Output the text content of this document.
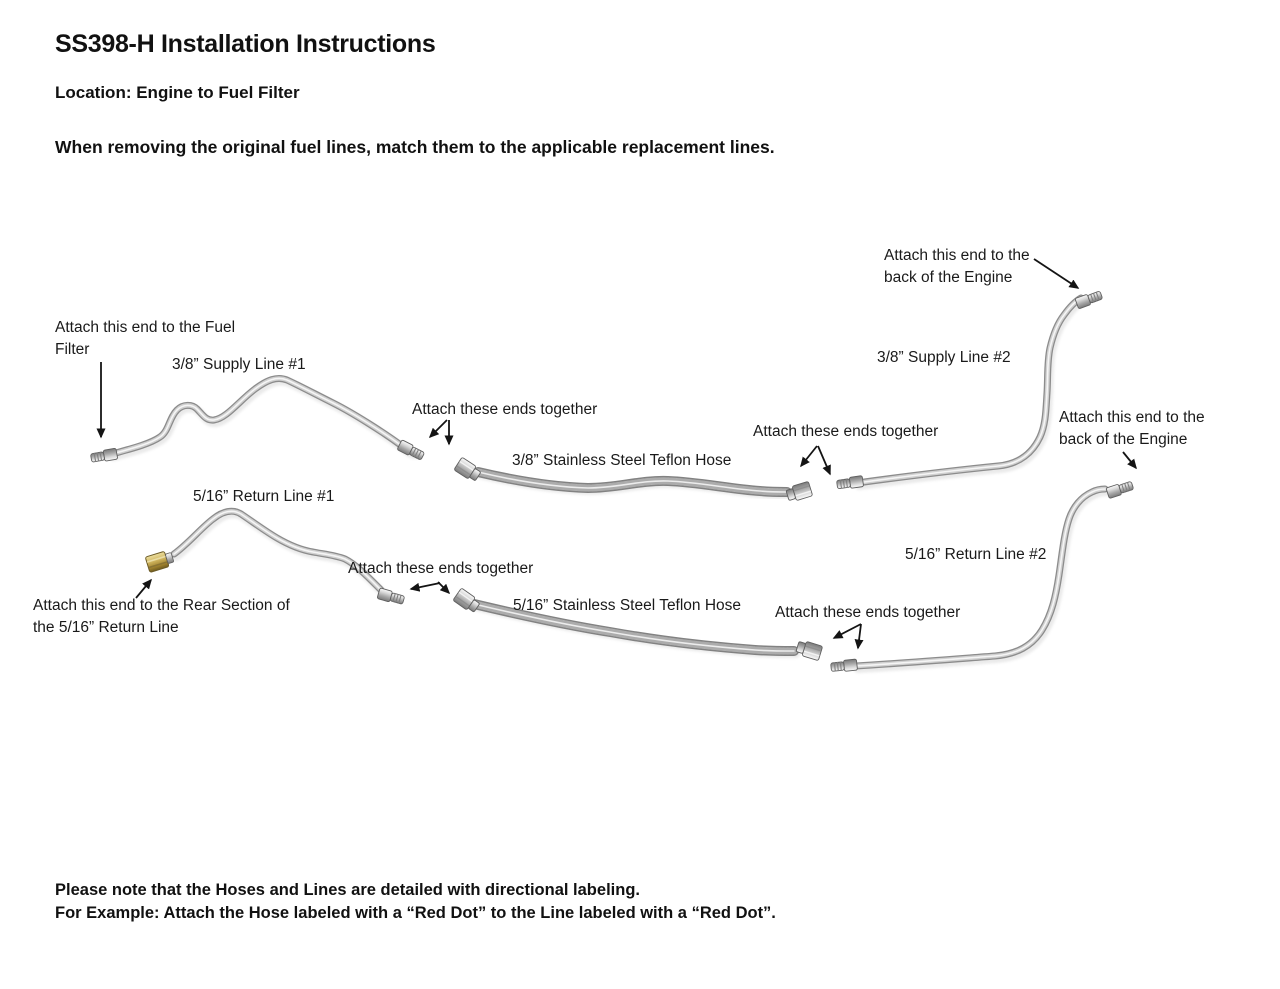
SS398-H Installation Instructions
Location: Engine to Fuel Filter
When removing the original fuel lines, match them to the applicable replacement lines.
Attach this end to the
back of the Engine
Attach this end to the Fuel
Filter
3/8” Supply Line #1	3/8” Supply Line #2
Attach these ends together
3/8” Stainless Steel Teflon Hose
Attach these ends together
Attach this end to the
back of the Engine
5/16” Return Line #1
Attach these ends together
5/16” Stainless Steel Teflon Hose
Attach this end to the Rear Section of
the 5/16” Return Line
Attach these ends together
5/16” Return Line #2
Please note that the Hoses and Lines are detailed with directional labeling.
For Example: Attach the Hose labeled with a “Red Dot” to the Line labeled with a “Red Dot”.
